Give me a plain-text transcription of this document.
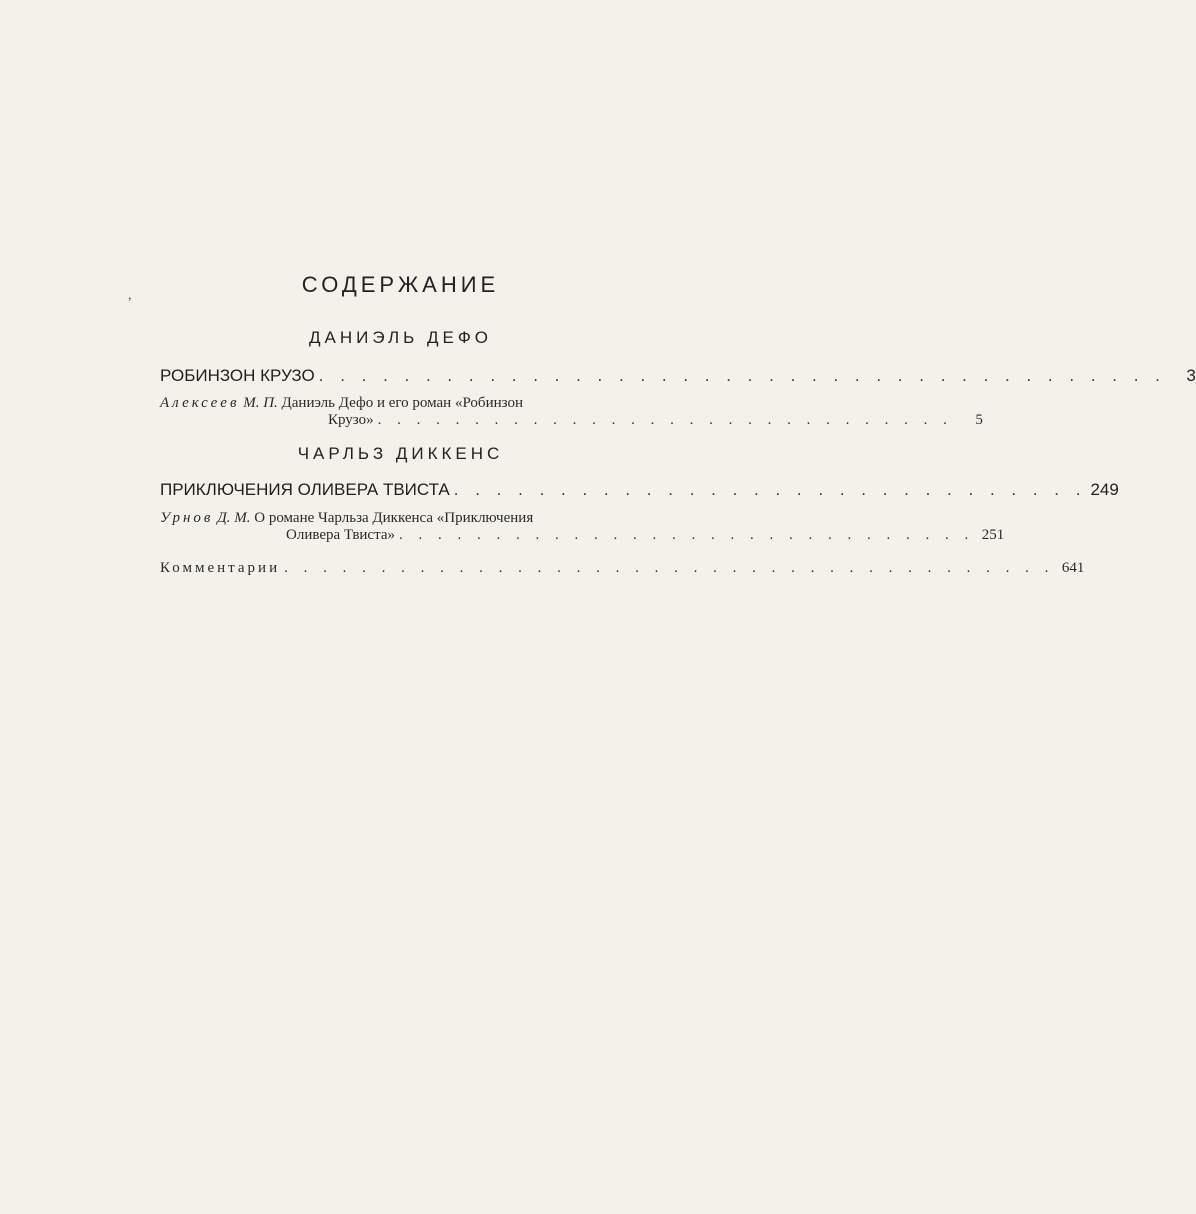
СОДЕРЖАНИЕ
ДАНИЭЛЬ ДЕФО
РОБИНЗОН КРУЗО . . . . . . . . . . . . . . . . . . . . . . . . . . . . . . . . . . . . . . . .	3
Алексеев М. П. Даниэль Дефо и его роман «Робинзон
Крузо» . . . . . . . . . . . . . . . . . . . . . . . . . . . . . .	5
ЧАРЛЬЗ ДИККЕНС
ПРИКЛЮЧЕНИЯ ОЛИВЕРА ТВИСТА . . . . . . . . . . . . . . . . . . . . . . . . . . . . . . 249
Урнов Д. М. О романе Чарльза Диккенса «Приключения
Оливера Твиста» . . . . . . . . . . . . . . . . . . . . . . . . . . . . . . 251
Комментарии . . . . . . . . . . . . . . . . . . . . . . . . . . . . . . . . . . . . . . . . 641
,
